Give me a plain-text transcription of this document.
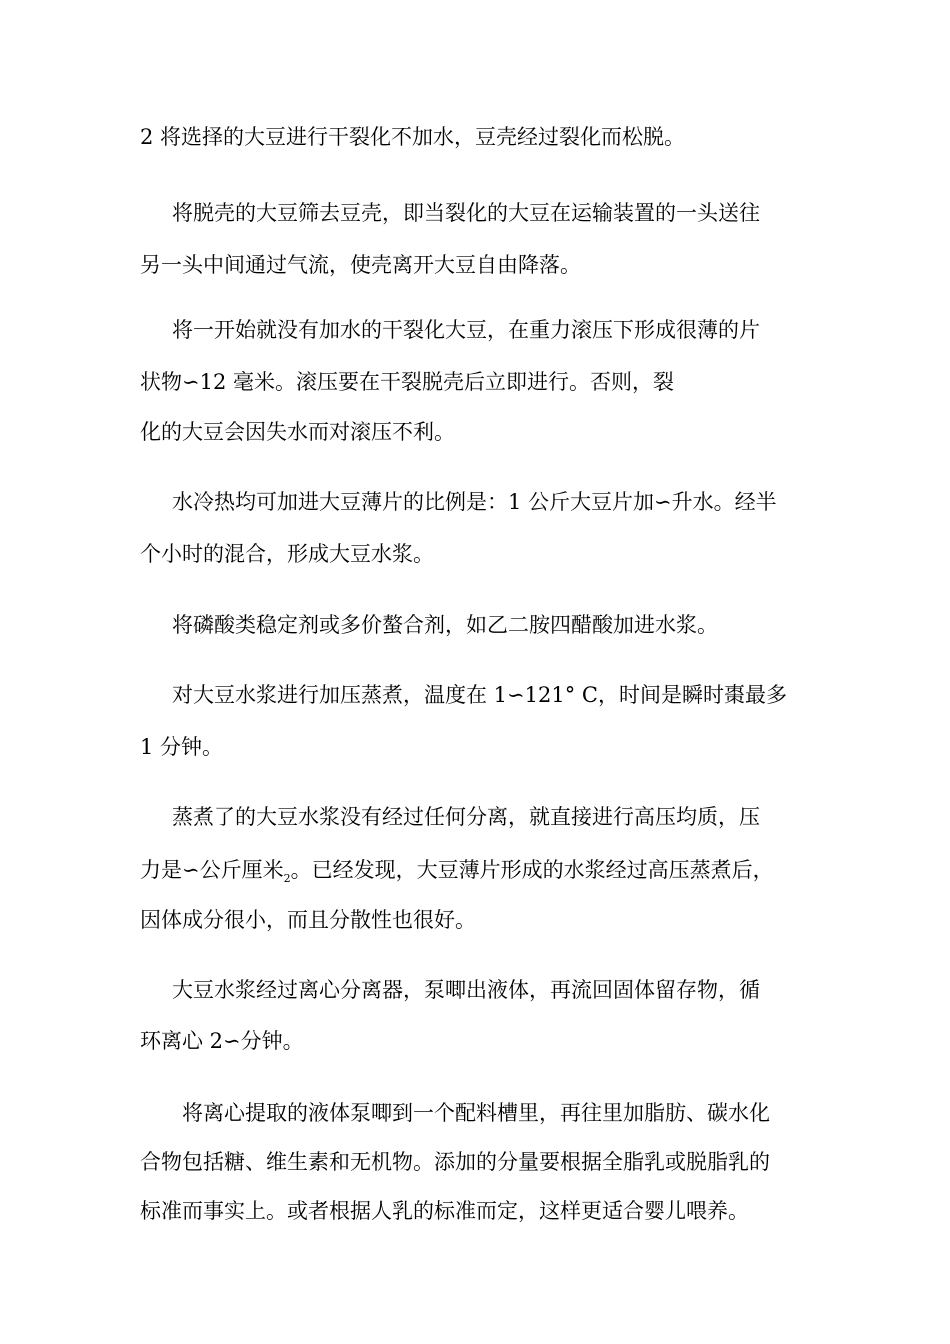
2 将选择的大豆进行干裂化不加水，豆壳经过裂化而松脱。
将脱壳的大豆筛去豆壳，即当裂化的大豆在运输装置的一头送往
另一头中间通过气流，使壳离开大豆自由降落。
将一开始就没有加水的干裂化大豆，在重力滚压下形成很薄的片
状物∽12 毫米。滚压要在干裂脱壳后立即进行。否则，裂
化的大豆会因失水而对滚压不利。
水冷热均可加进大豆薄片的比例是：1 公斤大豆片加∽升水。经半
个小时的混合，形成大豆水浆。
将磷酸类稳定剂或多价螯合剂，如乙二胺四醋酸加进水浆。
对大豆水浆进行加压蒸煮，温度在 1∽121° C，时间是瞬时棗最多
1 分钟。
蒸煮了的大豆水浆没有经过任何分离，就直接进行高压均质，压
力是∽公斤厘米$_2$。已经发现，大豆薄片形成的水浆经过高压蒸煮后，
因体成分很小，而且分散性也很好。
大豆水浆经过离心分离器，泵唧出液体，再流回固体留存物，循
环离心 2∽分钟。
将离心提取的液体泵唧到一个配料槽里，再往里加脂肪、碳水化
合物包括糖、维生素和无机物。添加的分量要根据全脂乳或脱脂乳的
标准而事实上。或者根据人乳的标准而定，这样更适合婴儿喂养。
